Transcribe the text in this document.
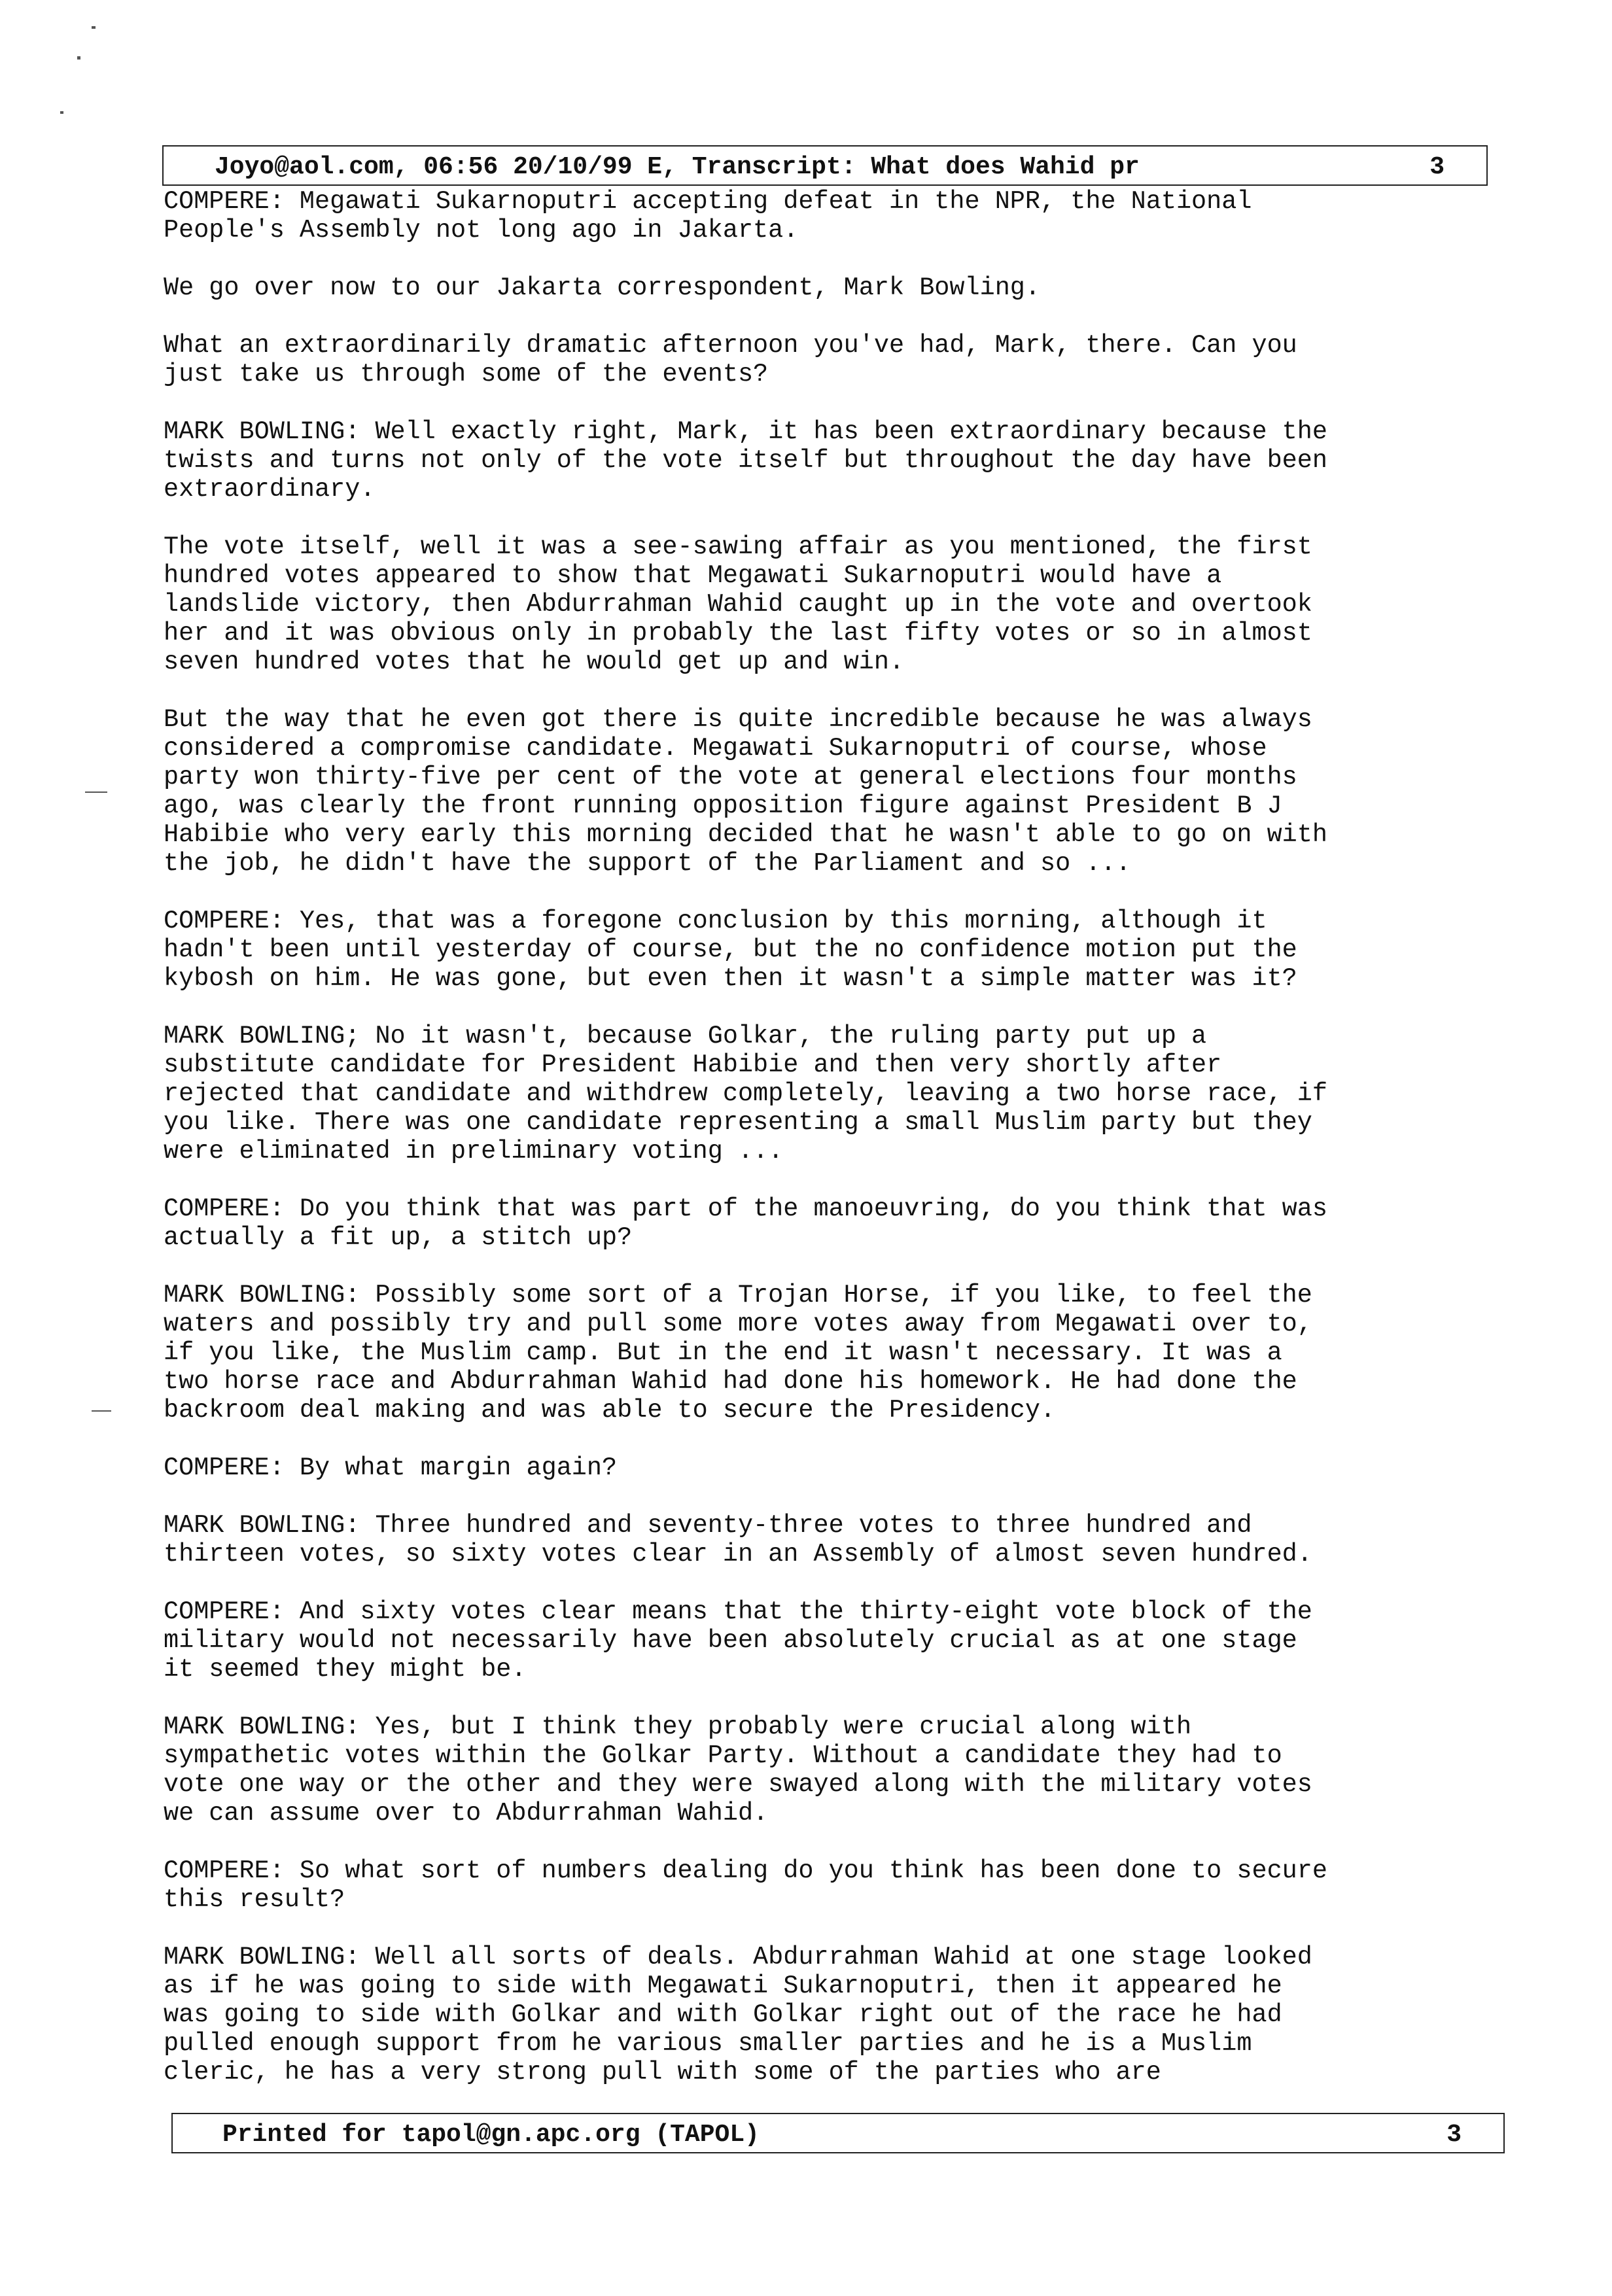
Joyo@aol.com, 06:56 20/10/99 E, Transcript: What does Wahid pr	3
COMPERE: Megawati Sukarnoputri accepting defeat in the NPR, the National
People's Assembly not long ago in Jakarta.
We go over now to our Jakarta correspondent, Mark Bowling.
What an extraordinarily dramatic afternoon you've had, Mark, there. Can you
just take us through some of the events?
MARK BOWLING: Well exactly right, Mark, it has been extraordinary because the
twists and turns not only of the vote itself but throughout the day have been
extraordinary.
The vote itself, well it was a see-sawing affair as you mentioned, the first
hundred votes appeared to show that Megawati Sukarnoputri would have a
landslide victory, then Abdurrahman Wahid caught up in the vote and overtook
her and it was obvious only in probably the last fifty votes or so in almost
seven hundred votes that he would get up and win.
But the way that he even got there is quite incredible because he was always
considered a compromise candidate. Megawati Sukarnoputri of course, whose
party won thirty-five per cent of the vote at general elections four months
ago, was clearly the front running opposition figure against President B J
Habibie who very early this morning decided that he wasn't able to go on with
the job, he didn't have the support of the Parliament and so ...
COMPERE: Yes, that was a foregone conclusion by this morning, although it
hadn't been until yesterday of course, but the no confidence motion put the
kybosh on him. He was gone, but even then it wasn't a simple matter was it?
MARK BOWLING; No it wasn't, because Golkar, the ruling party put up a
substitute candidate for President Habibie and then very shortly after
rejected that candidate and withdrew completely, leaving a two horse race, if
you like. There was one candidate representing a small Muslim party but they
were eliminated in preliminary voting ...
COMPERE: Do you think that was part of the manoeuvring, do you think that was
actually a fit up, a stitch up?
MARK BOWLING: Possibly some sort of a Trojan Horse, if you like, to feel the
waters and possibly try and pull some more votes away from Megawati over to,
if you like, the Muslim camp. But in the end it wasn't necessary. It was a
two horse race and Abdurrahman Wahid had done his homework. He had done the
backroom deal making and was able to secure the Presidency.
COMPERE: By what margin again?
MARK BOWLING: Three hundred and seventy-three votes to three hundred and
thirteen votes, so sixty votes clear in an Assembly of almost seven hundred.
COMPERE: And sixty votes clear means that the thirty-eight vote block of the
military would not necessarily have been absolutely crucial as at one stage
it seemed they might be.
MARK BOWLING: Yes, but I think they probably were crucial along with
sympathetic votes within the Golkar Party. Without a candidate they had to
vote one way or the other and they were swayed along with the military votes
we can assume over to Abdurrahman Wahid.
COMPERE: So what sort of numbers dealing do you think has been done to secure
this result?
MARK BOWLING: Well all sorts of deals. Abdurrahman Wahid at one stage looked
as if he was going to side with Megawati Sukarnoputri, then it appeared he
was going to side with Golkar and with Golkar right out of the race he had
pulled enough support from he various smaller parties and he is a Muslim
cleric, he has a very strong pull with some of the parties who are
Printed for tapol@gn.apc.org (TAPOL)	3
